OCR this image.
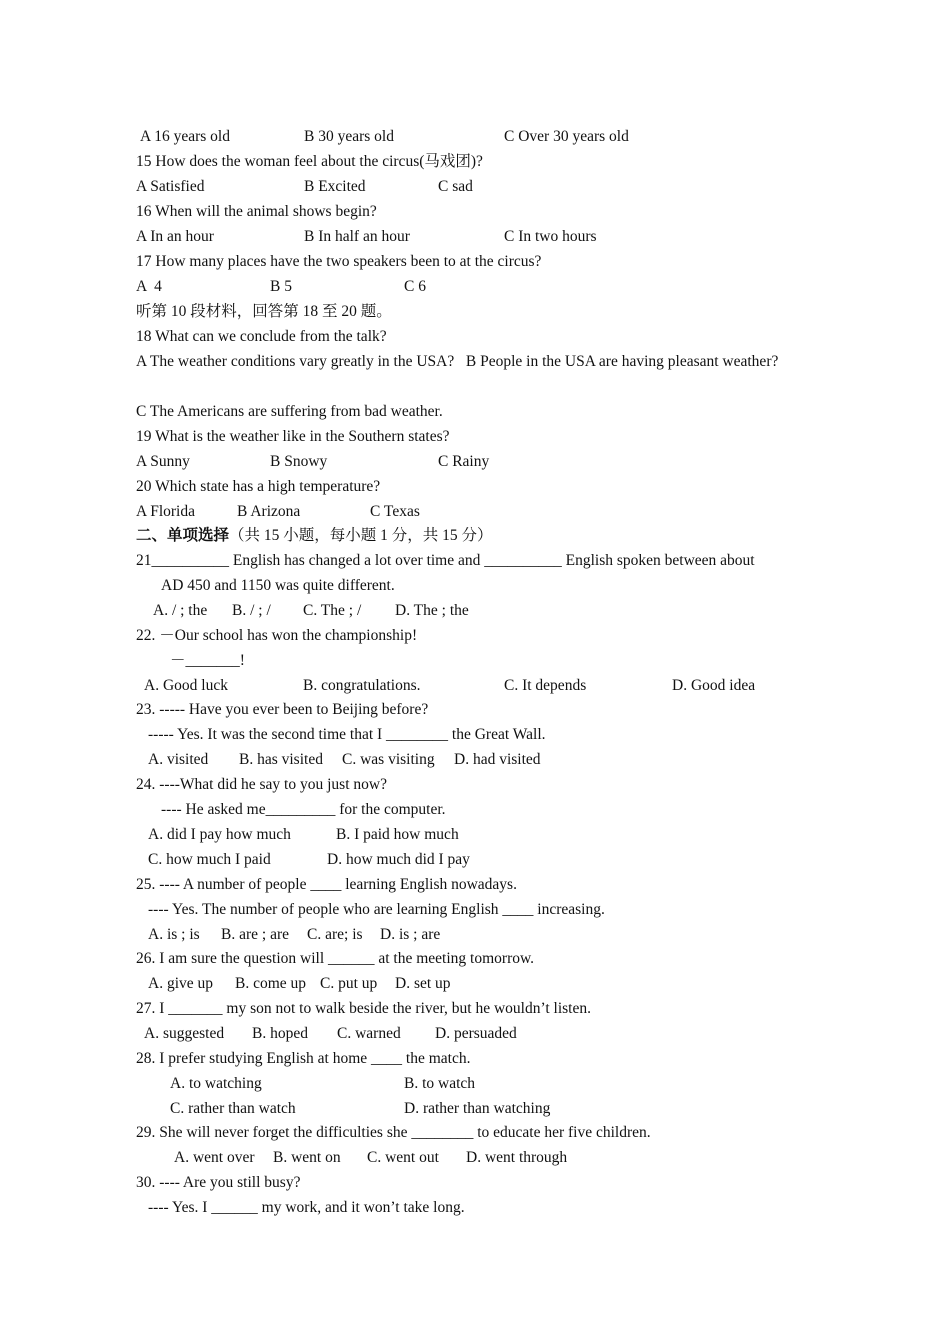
A 16 years old	B 30 years old	C Over 30 years old
15 How does the woman feel about the circus(马戏团)?
A Satisfied	B Excited	C sad
16 When will the animal shows begin?
A In an hour	B In half an hour	C In two hours
17 How many places have the two speakers been to at the circus?
A  4	B 5	C 6
听第 10 段材料，回答第 18 至 20 题。
18 What can we conclude from the talk?
A The weather conditions vary greatly in the USA?   B People in the USA are having pleasant weather?
C The Americans are suffering from bad weather.
19 What is the weather like in the Southern states?
A Sunny	B Snowy	C Rainy
20 Which state has a high temperature?
A Florida	B Arizona	C Texas
二、单项选择（共 15 小题，每小题 1 分，共 15 分）
21__________ English has changed a lot over time and __________ English spoken between about
AD 450 and 1150 was quite different.
A. / ; the B. / ; / C. The ; / D. The ; the
22. －Our school has won the championship!
－_______!
A. Good luck	B. congratulations.	C. It depends	D. Good idea
23. ----- Have you ever been to Beijing before?
----- Yes. It was the second time that I ________ the Great Wall.
A. visited B. has visited C. was visiting D. had visited
24. ----What did he say to you just now?
---- He asked me_________ for the computer.
A. did I pay how much	B. I paid how much
C. how much I paid	D. how much did I pay
25. ---- A number of people ____ learning English nowadays.
---- Yes. The number of people who are learning English ____ increasing.
A. is ; is B. are ; are C. are; is D. is ; are
26. I am sure the question will ______ at the meeting tomorrow.
A. give up B. come up C. put up D. set up
27. I _______ my son not to walk beside the river, but he wouldn’t listen.
A. suggested B. hoped C. warned D. persuaded
28. I prefer studying English at home ____ the match.
A. to watching	B. to watch
C. rather than watch	D. rather than watching
29. She will never forget the difficulties she ________ to educate her five children.
A. went over B. went on C. went out D. went through
30. ---- Are you still busy?
---- Yes. I ______ my work, and it won’t take long.
